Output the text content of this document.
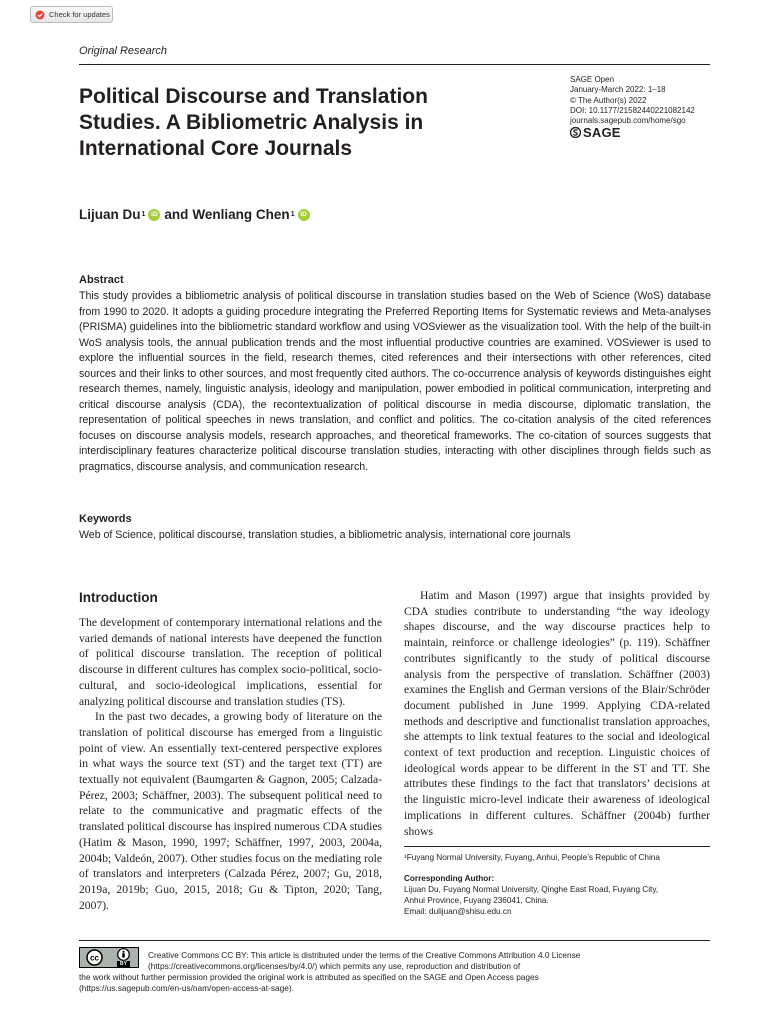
Check for updates
Original Research
Political Discourse and Translation Studies. A Bibliometric Analysis in International Core Journals
SAGE Open
January-March 2022: 1–18
© The Author(s) 2022
DOI: 10.1177/21582440221082142
journals.sagepub.com/home/sgo
SAGE
Lijuan Du 1 iD and Wenliang Chen 1 iD
Abstract
This study provides a bibliometric analysis of political discourse in translation studies based on the Web of Science (WoS) database from 1990 to 2020. It adopts a guiding procedure integrating the Preferred Reporting Items for Systematic reviews and Meta-analyses (PRISMA) guidelines into the bibliometric standard workflow and using VOSviewer as the visualization tool. With the help of the built-in WoS analysis tools, the annual publication trends and the most influential productive countries are examined. VOSviewer is used to explore the influential sources in the field, research themes, cited references and their intersections with other references, cited sources and their links to other sources, and most frequently cited authors. The co-occurrence analysis of keywords distinguishes eight research themes, namely, linguistic analysis, ideology and manipulation, power embodied in political communication, interpreting and critical discourse analysis (CDA), the recontextualization of political discourse in media discourse, diplomatic translation, the representation of political speeches in news translation, and conflict and politics. The co-citation analysis of the cited references focuses on discourse analysis models, research approaches, and theoretical frameworks. The co-citation of sources suggests that interdisciplinary features characterize political discourse translation studies, interacting with other disciplines through fields such as pragmatics, discourse analysis, and communication research.
Keywords
Web of Science, political discourse, translation studies, a bibliometric analysis, international core journals
Introduction

The development of contemporary international relations and the varied demands of national interests have deepened the function of political discourse translation. The reception of political discourse in different cultures has complex socio-political, socio-cultural, and socio-ideological implications, essential for analyzing political discourse and translation studies (TS).

In the past two decades, a growing body of literature on the translation of political discourse has emerged from a linguistic point of view. An essentially text-centered perspective explores in what ways the source text (ST) and the target text (TT) are textually not equivalent (Baumgarten & Gagnon, 2005; Calzada-Pérez, 2003; Schäffner, 2003). The subsequent political need to relate to the communicative and pragmatic effects of the translated political discourse has inspired numerous CDA studies (Hatim & Mason, 1990, 1997; Schäffner, 1997, 2003, 2004a, 2004b; Valdeón, 2007). Other studies focus on the mediating role of translators and interpreters (Calzada Pérez, 2007; Gu, 2018, 2019a, 2019b; Guo, 2015, 2018; Gu & Tipton, 2020; Tang, 2007).

Hatim and Mason (1997) argue that insights provided by CDA studies contribute to understanding “the way ideology shapes discourse, and the way discourse practices help to maintain, reinforce or challenge ideologies” (p. 119). Schäffner contributes significantly to the study of political discourse analysis from the perspective of translation. Schäffner (2003) examines the English and German versions of the Blair/Schröder document published in June 1999. Applying CDA-related methods and descriptive and functionalist translation approaches, she attempts to link textual features to the social and ideological context of text production and reception. Linguistic choices of ideological words appear to be different in the ST and TT. She attributes these findings to the fact that translators’ decisions at the linguistic micro-level indicate their awareness of ideological implications in different cultures. Schäffner (2004b) further shows

¹Fuyang Normal University, Fuyang, Anhui, People’s Republic of China
Corresponding Author:
Lijuan Du, Fuyang Normal University, Qinghe East Road, Fuyang City,
Anhui Province, Fuyang 236041, China.
Email: dulijuan@shisu.edu.cn
cc
BY
Creative Commons CC BY: This article is distributed under the terms of the Creative Commons Attribution 4.0 License
(https://creativecommons.org/licenses/by/4.0/) which permits any use, reproduction and distribution of
the work without further permission provided the original work is attributed as specified on the SAGE and Open Access pages
(https://us.sagepub.com/en-us/nam/open-access-at-sage).
